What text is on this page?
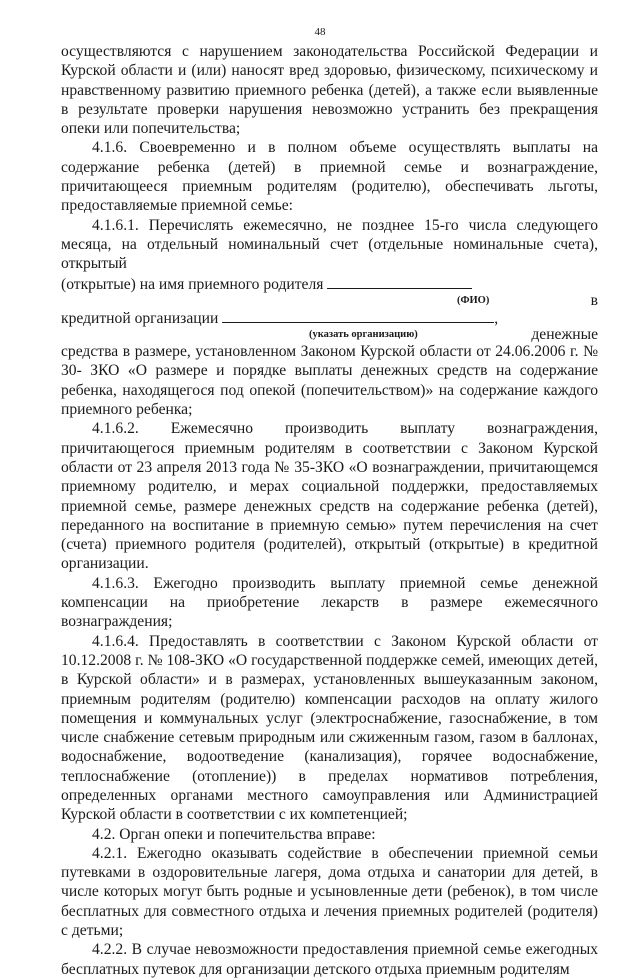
48

осуществляются с нарушением законодательства Российской Федерации и Курской области и (или) наносят вред здоровью, физическому, психическому и нравственному развитию приемного ребенка (детей), а также если выявленные в результате проверки нарушения невозможно устранить без прекращения опеки или попечительства;

4.1.6. Своевременно и в полном объеме осуществлять выплаты на содержание ребенка (детей) в приемной семье и вознаграждение, причитающееся приемным родителям (родителю), обеспечивать льготы, предоставляемые приемной семье:

4.1.6.1. Перечислять ежемесячно, не позднее 15-го числа следующего месяца, на отдельный номинальный счет (отдельные номинальные счета), открытый

(открытые) на имя приемного родителя
(ФИО)	в
кредитной организации	,
(указать организацию)	денежные

средства в размере, установленном Законом Курской области от 24.06.2006 г. № 30- ЗКО «О размере и порядке выплаты денежных средств на содержание ребенка, находящегося под опекой (попечительством)» на содержание каждого приемного ребенка;

4.1.6.2. Ежемесячно производить выплату вознаграждения, причитающегося приемным родителям в соответствии с Законом Курской области от 23 апреля 2013 года № 35-ЗКО «О вознаграждении, причитающемся приемному родителю, и мерах социальной поддержки, предоставляемых приемной семье, размере денежных средств на содержание ребенка (детей), переданного на воспитание в приемную семью» путем перечисления на счет (счета) приемного родителя (родителей), открытый (открытые) в кредитной организации.

4.1.6.3. Ежегодно производить выплату приемной семье денежной компенсации на приобретение лекарств в размере ежемесячного вознаграждения;

4.1.6.4. Предоставлять в соответствии с Законом Курской области от 10.12.2008 г. № 108-ЗКО «О государственной поддержке семей, имеющих детей, в Курской области» и в размерах, установленных вышеуказанным законом, приемным родителям (родителю) компенсации расходов на оплату жилого помещения и коммунальных услуг (электроснабжение, газоснабжение, в том числе снабжение сетевым природным или сжиженным газом, газом в баллонах, водоснабжение, водоотведение (канализация), горячее водоснабжение, теплоснабжение (отопление)) в пределах нормативов потребления, определенных органами местного самоуправления или Администрацией Курской области в соответствии с их компетенцией;

4.2. Орган опеки и попечительства вправе:

4.2.1. Ежегодно оказывать содействие в обеспечении приемной семьи путевками в оздоровительные лагеря, дома отдыха и санатории для детей, в числе которых могут быть родные и усыновленные дети (ребенок), в том числе бесплатных для совместного отдыха и лечения приемных родителей (родителя) с детьми;

4.2.2. В случае невозможности предоставления приемной семье ежегодных бесплатных путевок для организации детского отдыха приемным родителям
